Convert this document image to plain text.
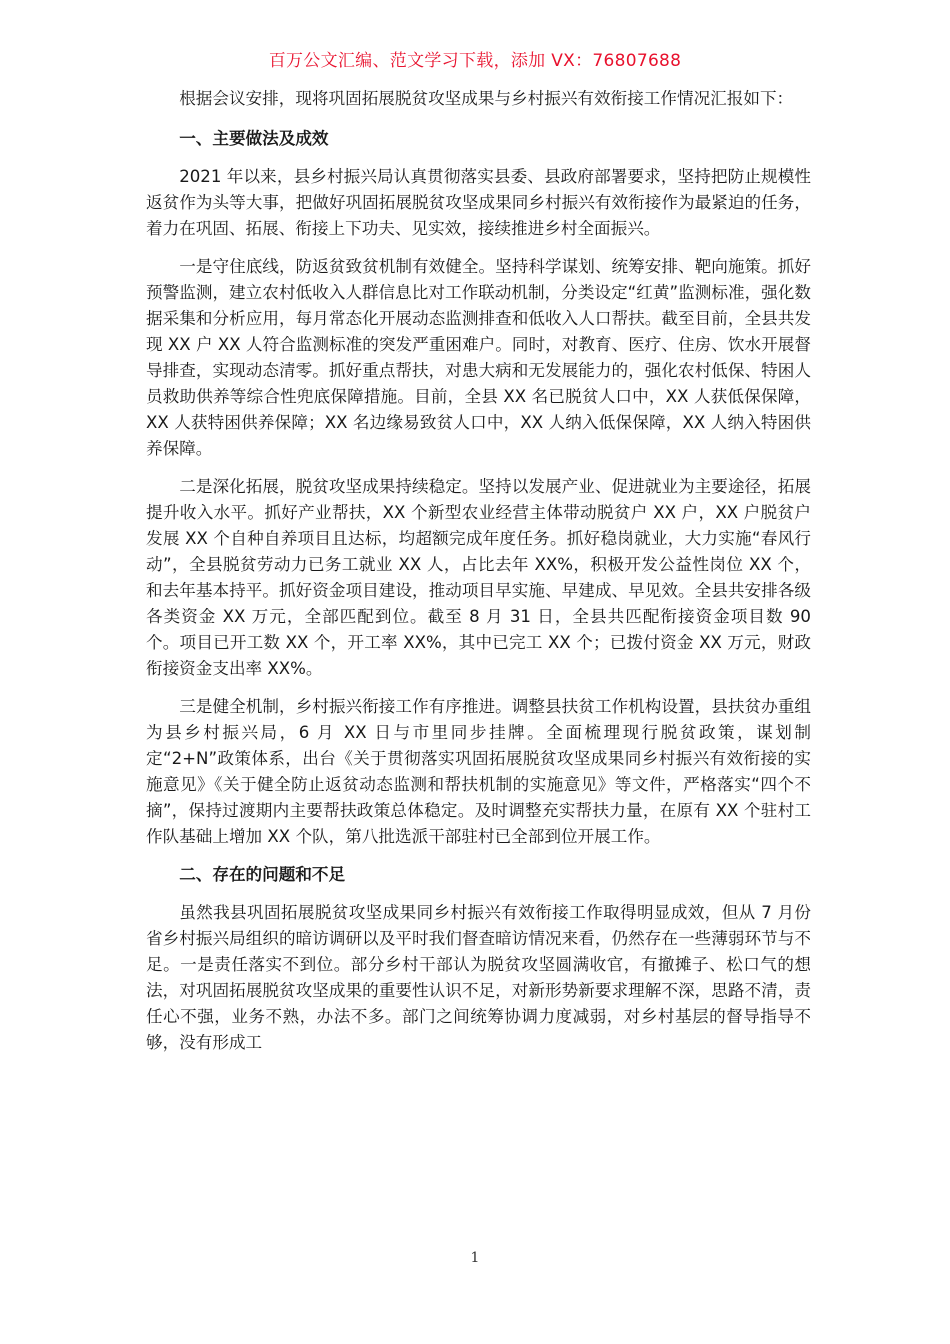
百万公文汇编、范文学习下载，添加 VX：76807688

根据会议安排，现将巩固拓展脱贫攻坚成果与乡村振兴有效衔接工作情况汇报如下：

一、主要做法及成效

2021 年以来，县乡村振兴局认真贯彻落实县委、县政府部署要求，坚持把防止规模性返贫作为头等大事，把做好巩固拓展脱贫攻坚成果同乡村振兴有效衔接作为最紧迫的任务，着力在巩固、拓展、衔接上下功夫、见实效，接续推进乡村全面振兴。

一是守住底线，防返贫致贫机制有效健全。坚持科学谋划、统筹安排、靶向施策。抓好预警监测，建立农村低收入人群信息比对工作联动机制，分类设定“红黄”监测标准，强化数据采集和分析应用，每月常态化开展动态监测排查和低收入人口帮扶。截至目前，全县共发现 XX 户 XX 人符合监测标准的突发严重困难户。同时，对教育、医疗、住房、饮水开展督导排查，实现动态清零。抓好重点帮扶，对患大病和无发展能力的，强化农村低保、特困人员救助供养等综合性兜底保障措施。目前，全县 XX 名已脱贫人口中，XX 人获低保保障，XX 人获特困供养保障；XX 名边缘易致贫人口中，XX 人纳入低保保障，XX 人纳入特困供养保障。

二是深化拓展，脱贫攻坚成果持续稳定。坚持以发展产业、促进就业为主要途径，拓展提升收入水平。抓好产业帮扶，XX 个新型农业经营主体带动脱贫户 XX 户，XX 户脱贫户发展 XX 个自种自养项目且达标，均超额完成年度任务。抓好稳岗就业，大力实施“春风行动”，全县脱贫劳动力已务工就业 XX 人，占比去年 XX%，积极开发公益性岗位 XX 个，和去年基本持平。抓好资金项目建设，推动项目早实施、早建成、早见效。全县共安排各级各类资金 XX 万元，全部匹配到位。截至 8 月 31 日，全县共匹配衔接资金项目数 90 个。项目已开工数 XX 个，开工率 XX%，其中已完工 XX 个；已拨付资金 XX 万元，财政衔接资金支出率 XX%。

三是健全机制，乡村振兴衔接工作有序推进。调整县扶贫工作机构设置，县扶贫办重组为县乡村振兴局，6 月 XX 日与市里同步挂牌。全面梳理现行脱贫政策，谋划制定“2+N”政策体系，出台《关于贯彻落实巩固拓展脱贫攻坚成果同乡村振兴有效衔接的实施意见》《关于健全防止返贫动态监测和帮扶机制的实施意见》等文件，严格落实“四个不摘”，保持过渡期内主要帮扶政策总体稳定。及时调整充实帮扶力量，在原有 XX 个驻村工作队基础上增加 XX 个队，第八批选派干部驻村已全部到位开展工作。

二、存在的问题和不足

虽然我县巩固拓展脱贫攻坚成果同乡村振兴有效衔接工作取得明显成效，但从 7 月份省乡村振兴局组织的暗访调研以及平时我们督查暗访情况来看，仍然存在一些薄弱环节与不足。一是责任落实不到位。部分乡村干部认为脱贫攻坚圆满收官，有撤摊子、松口气的想法，对巩固拓展脱贫攻坚成果的重要性认识不足，对新形势新要求理解不深，思路不清，责任心不强，业务不熟，办法不多。部门之间统筹协调力度减弱，对乡村基层的督导指导不够，没有形成工

1
